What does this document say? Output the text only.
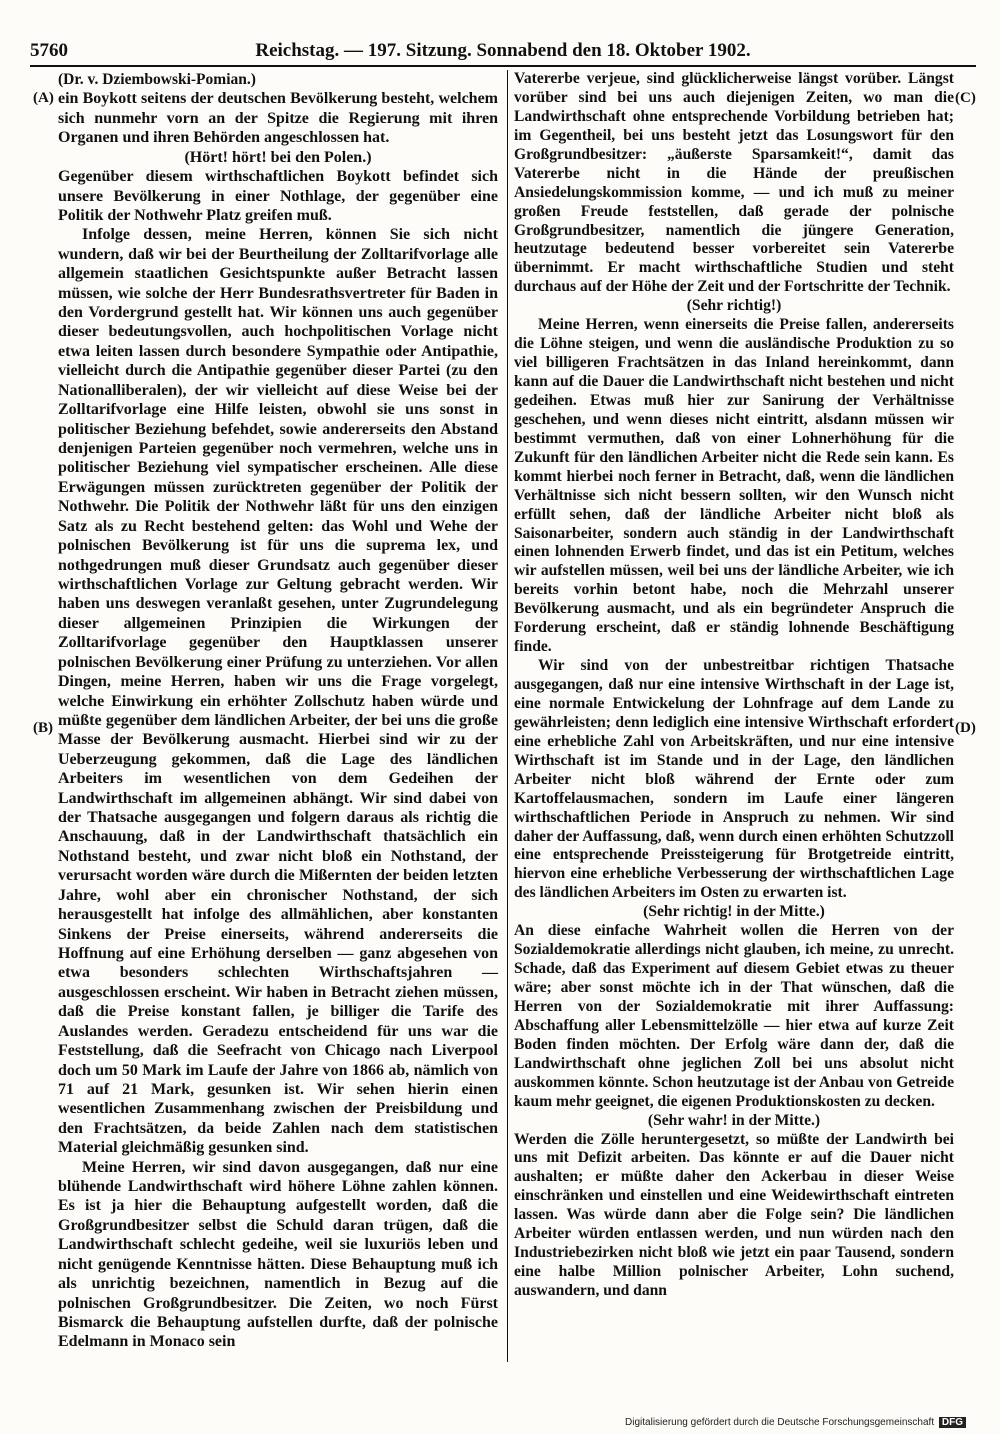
5760	Reichstag. — 197. Sitzung. Sonnabend den 18. Oktober 1902.
(A)
(B)
(C)
(D)

(Dr. v. Dziembowski-Pomian.)

ein Boykott seitens der deutschen Bevölkerung besteht, welchem sich nunmehr vorn an der Spitze die Regierung mit ihren Organen und ihren Behörden angeschlossen hat.

(Hört! hört! bei den Polen.)

Gegenüber diesem wirthschaftlichen Boykott befindet sich unsere Bevölkerung in einer Nothlage, der gegenüber eine Politik der Nothwehr Platz greifen muß.

Infolge dessen, meine Herren, können Sie sich nicht wundern, daß wir bei der Beurtheilung der Zolltarifvorlage alle allgemein staatlichen Gesichtspunkte außer Betracht lassen müssen, wie solche der Herr Bundesrathsvertreter für Baden in den Vordergrund gestellt hat. Wir können uns auch gegenüber dieser bedeutungsvollen, auch hochpolitischen Vorlage nicht etwa leiten lassen durch besondere Sympathie oder Antipathie, vielleicht durch die Antipathie gegenüber dieser Partei (zu den Nationalliberalen), der wir vielleicht auf diese Weise bei der Zolltarifvorlage eine Hilfe leisten, obwohl sie uns sonst in politischer Beziehung befehdet, sowie andererseits den Abstand denjenigen Parteien gegenüber noch vermehren, welche uns in politischer Beziehung viel sympatischer erscheinen. Alle diese Erwägungen müssen zurücktreten gegenüber der Politik der Nothwehr. Die Politik der Nothwehr läßt für uns den einzigen Satz als zu Recht bestehend gelten: das Wohl und Wehe der polnischen Bevölkerung ist für uns die suprema lex, und nothgedrungen muß dieser Grundsatz auch gegenüber dieser wirthschaftlichen Vorlage zur Geltung gebracht werden. Wir haben uns deswegen veranlaßt gesehen, unter Zugrundelegung dieser allgemeinen Prinzipien die Wirkungen der Zolltarifvorlage gegenüber den Hauptklassen unserer polnischen Bevölkerung einer Prüfung zu unterziehen. Vor allen Dingen, meine Herren, haben wir uns die Frage vorgelegt, welche Einwirkung ein erhöhter Zollschutz haben würde und müßte gegenüber dem ländlichen Arbeiter, der bei uns die große Masse der Bevölkerung ausmacht. Hierbei sind wir zu der Ueberzeugung gekommen, daß die Lage des ländlichen Arbeiters im wesentlichen von dem Gedeihen der Landwirthschaft im allgemeinen abhängt. Wir sind dabei von der Thatsache ausgegangen und folgern daraus als richtig die Anschauung, daß in der Landwirthschaft thatsächlich ein Nothstand besteht, und zwar nicht bloß ein Nothstand, der verursacht worden wäre durch die Mißernten der beiden letzten Jahre, wohl aber ein chronischer Nothstand, der sich herausgestellt hat infolge des allmählichen, aber konstanten Sinkens der Preise einerseits, während andererseits die Hoffnung auf eine Erhöhung derselben — ganz abgesehen von etwa besonders schlechten Wirthschaftsjahren — ausgeschlossen erscheint. Wir haben in Betracht ziehen müssen, daß die Preise konstant fallen, je billiger die Tarife des Auslandes werden. Geradezu entscheidend für uns war die Feststellung, daß die Seefracht von Chicago nach Liverpool doch um 50 Mark im Laufe der Jahre von 1866 ab, nämlich von 71 auf 21 Mark, gesunken ist. Wir sehen hierin einen wesentlichen Zusammenhang zwischen der Preisbildung und den Frachtsätzen, da beide Zahlen nach dem statistischen Material gleichmäßig gesunken sind.

Meine Herren, wir sind davon ausgegangen, daß nur eine blühende Landwirthschaft wird höhere Löhne zahlen können. Es ist ja hier die Behauptung aufgestellt worden, daß die Großgrundbesitzer selbst die Schuld daran trügen, daß die Landwirthschaft schlecht gedeihe, weil sie luxuriös leben und nicht genügende Kenntnisse hätten. Diese Behauptung muß ich als unrichtig bezeichnen, namentlich in Bezug auf die polnischen Großgrundbesitzer. Die Zeiten, wo noch Fürst Bismarck die Behauptung aufstellen durfte, daß der polnische Edelmann in Monaco sein

Vatererbe verjeue, sind glücklicherweise längst vorüber. Längst vorüber sind bei uns auch diejenigen Zeiten, wo man die Landwirthschaft ohne entsprechende Vorbildung betrieben hat; im Gegentheil, bei uns besteht jetzt das Losungswort für den Großgrundbesitzer: „äußerste Sparsamkeit!“, damit das Vatererbe nicht in die Hände der preußischen Ansiedelungskommission komme, — und ich muß zu meiner großen Freude feststellen, daß gerade der polnische Großgrundbesitzer, namentlich die jüngere Generation, heutzutage bedeutend besser vorbereitet sein Vatererbe übernimmt. Er macht wirthschaftliche Studien und steht durchaus auf der Höhe der Zeit und der Fortschritte der Technik.

(Sehr richtig!)

Meine Herren, wenn einerseits die Preise fallen, andererseits die Löhne steigen, und wenn die ausländische Produktion zu so viel billigeren Frachtsätzen in das Inland hereinkommt, dann kann auf die Dauer die Landwirthschaft nicht bestehen und nicht gedeihen. Etwas muß hier zur Sanirung der Verhältnisse geschehen, und wenn dieses nicht eintritt, alsdann müssen wir bestimmt vermuthen, daß von einer Lohnerhöhung für die Zukunft für den ländlichen Arbeiter nicht die Rede sein kann. Es kommt hierbei noch ferner in Betracht, daß, wenn die ländlichen Verhältnisse sich nicht bessern sollten, wir den Wunsch nicht erfüllt sehen, daß der ländliche Arbeiter nicht bloß als Saisonarbeiter, sondern auch ständig in der Landwirthschaft einen lohnenden Erwerb findet, und das ist ein Petitum, welches wir aufstellen müssen, weil bei uns der ländliche Arbeiter, wie ich bereits vorhin betont habe, noch die Mehrzahl unserer Bevölkerung ausmacht, und als ein begründeter Anspruch die Forderung erscheint, daß er ständig lohnende Beschäftigung finde.

Wir sind von der unbestreitbar richtigen Thatsache ausgegangen, daß nur eine intensive Wirthschaft in der Lage ist, eine normale Entwickelung der Lohnfrage auf dem Lande zu gewährleisten; denn lediglich eine intensive Wirthschaft erfordert eine erhebliche Zahl von Arbeitskräften, und nur eine intensive Wirthschaft ist im Stande und in der Lage, den ländlichen Arbeiter nicht bloß während der Ernte oder zum Kartoffelausmachen, sondern im Laufe einer längeren wirthschaftlichen Periode in Anspruch zu nehmen. Wir sind daher der Auffassung, daß, wenn durch einen erhöhten Schutzzoll eine entsprechende Preissteigerung für Brotgetreide eintritt, hiervon eine erhebliche Verbesserung der wirthschaftlichen Lage des ländlichen Arbeiters im Osten zu erwarten ist.

(Sehr richtig! in der Mitte.)

An diese einfache Wahrheit wollen die Herren von der Sozialdemokratie allerdings nicht glauben, ich meine, zu unrecht. Schade, daß das Experiment auf diesem Gebiet etwas zu theuer wäre; aber sonst möchte ich in der That wünschen, daß die Herren von der Sozialdemokratie mit ihrer Auffassung: Abschaffung aller Lebensmittelzölle — hier etwa auf kurze Zeit Boden finden möchten. Der Erfolg wäre dann der, daß die Landwirthschaft ohne jeglichen Zoll bei uns absolut nicht auskommen könnte. Schon heutzutage ist der Anbau von Getreide kaum mehr geeignet, die eigenen Produktionskosten zu decken.

(Sehr wahr! in der Mitte.)

Werden die Zölle heruntergesetzt, so müßte der Landwirth bei uns mit Defizit arbeiten. Das könnte er auf die Dauer nicht aushalten; er müßte daher den Ackerbau in dieser Weise einschränken und einstellen und eine Weidewirthschaft eintreten lassen. Was würde dann aber die Folge sein? Die ländlichen Arbeiter würden entlassen werden, und nun würden nach den Industriebezirken nicht bloß wie jetzt ein paar Tausend, sondern eine halbe Million polnischer Arbeiter, Lohn suchend, auswandern, und dann

Digitalisierung gefördert durch die Deutsche Forschungsgemeinschaft DFG
